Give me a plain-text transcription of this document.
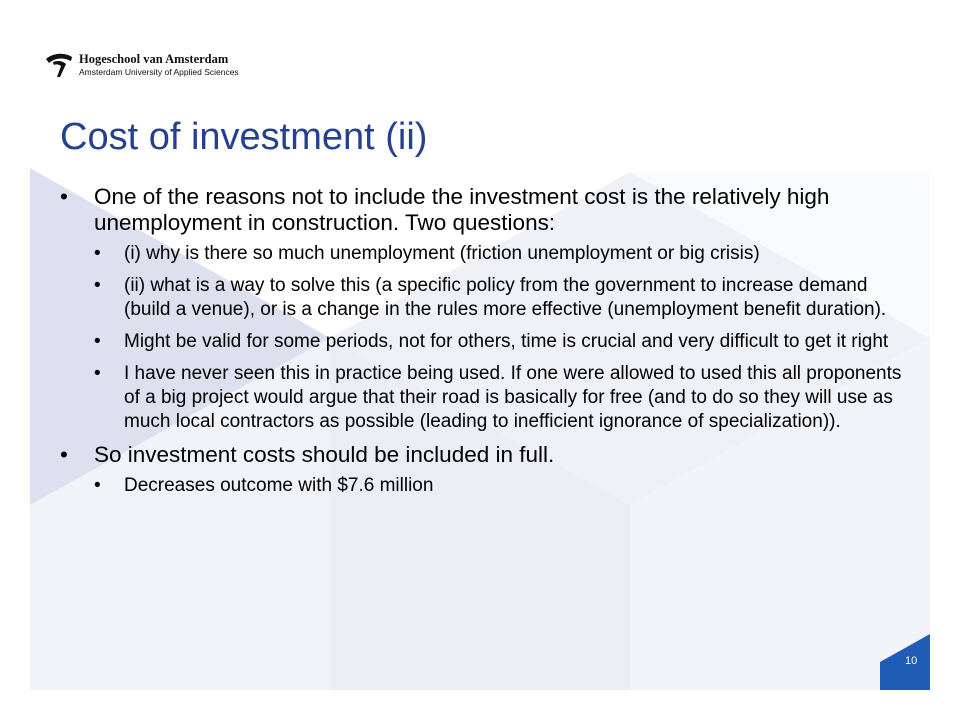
Hogeschool van Amsterdam
Amsterdam University of Applied Sciences
Cost of investment (ii)
• One of the reasons not to include the investment cost is the relatively high unemployment in construction. Two questions:
• (i) why is there so much unemployment (friction unemployment or big crisis)
• (ii) what is a way to solve this (a specific policy from the government to increase demand (build a venue), or is a change in the rules more effective (unemployment benefit duration).
• Might be valid for some periods, not for others, time is crucial and very difficult to get it right
• I have never seen this in practice being used. If one were allowed to used this all proponents of a big project would argue that their road is basically for free (and to do so they will use as much local contractors as possible (leading to inefficient ignorance of specialization)).
• So investment costs should be included in full.
• Decreases outcome with $7.6 million
10
